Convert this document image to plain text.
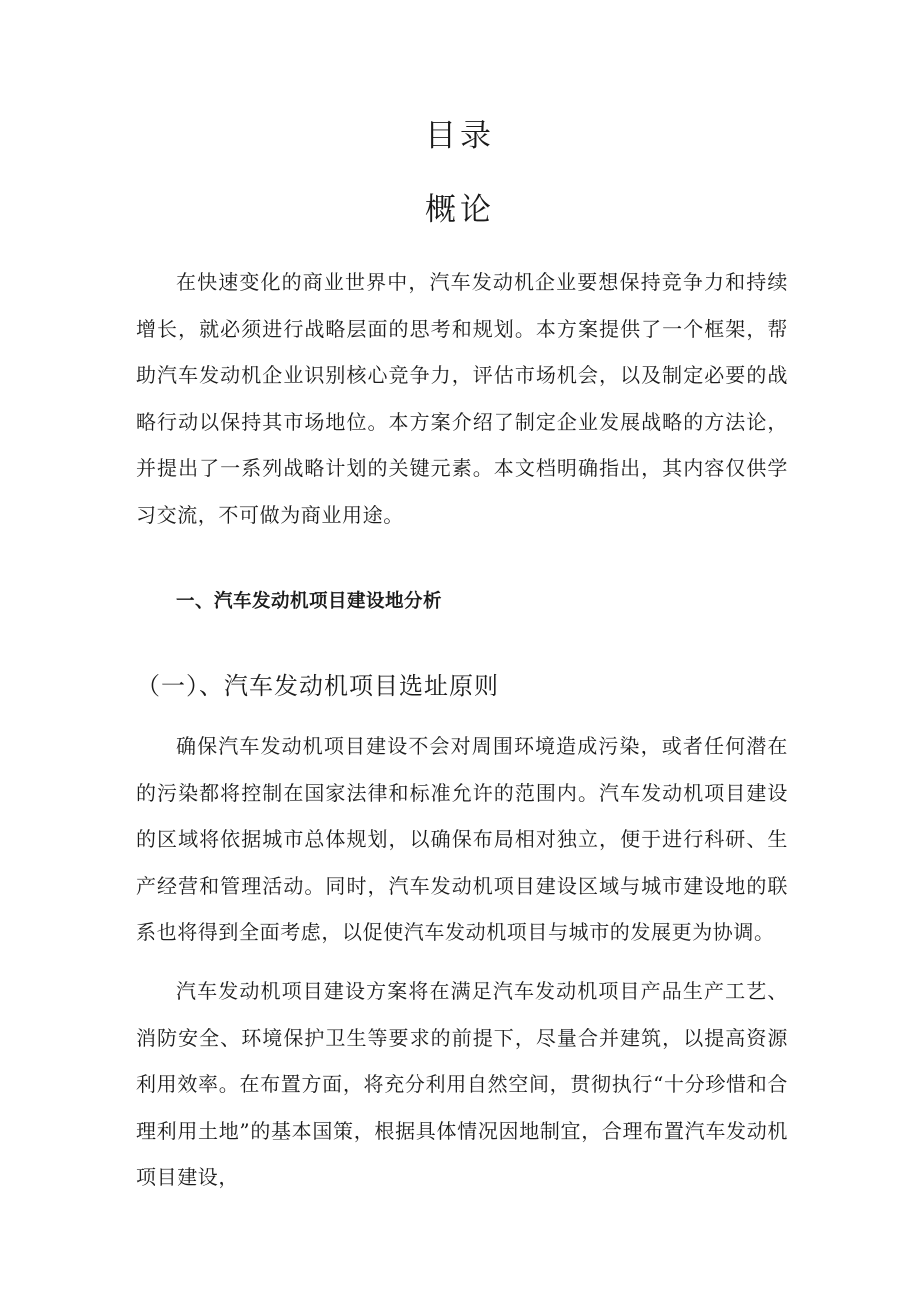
目录
概论

在快速变化的商业世界中，汽车发动机企业要想保持竞争力和持续增长，就必须进行战略层面的思考和规划。本方案提供了一个框架，帮助汽车发动机企业识别核心竞争力，评估市场机会，以及制定必要的战略行动以保持其市场地位。本方案介绍了制定企业发展战略的方法论，并提出了一系列战略计划的关键元素。本文档明确指出，其内容仅供学习交流，不可做为商业用途。

一、汽车发动机项目建设地分析
（一）、汽车发动机项目选址原则

确保汽车发动机项目建设不会对周围环境造成污染，或者任何潜在的污染都将控制在国家法律和标准允许的范围内。汽车发动机项目建设的区域将依据城市总体规划，以确保布局相对独立，便于进行科研、生产经营和管理活动。同时，汽车发动机项目建设区域与城市建设地的联系也将得到全面考虑，以促使汽车发动机项目与城市的发展更为协调。

汽车发动机项目建设方案将在满足汽车发动机项目产品生产工艺、消防安全、环境保护卫生等要求的前提下，尽量合并建筑，以提高资源利用效率。在布置方面，将充分利用自然空间，贯彻执行“十分珍惜和合理利用土地”的基本国策，根据具体情况因地制宜，合理布置汽车发动机项目建设，
